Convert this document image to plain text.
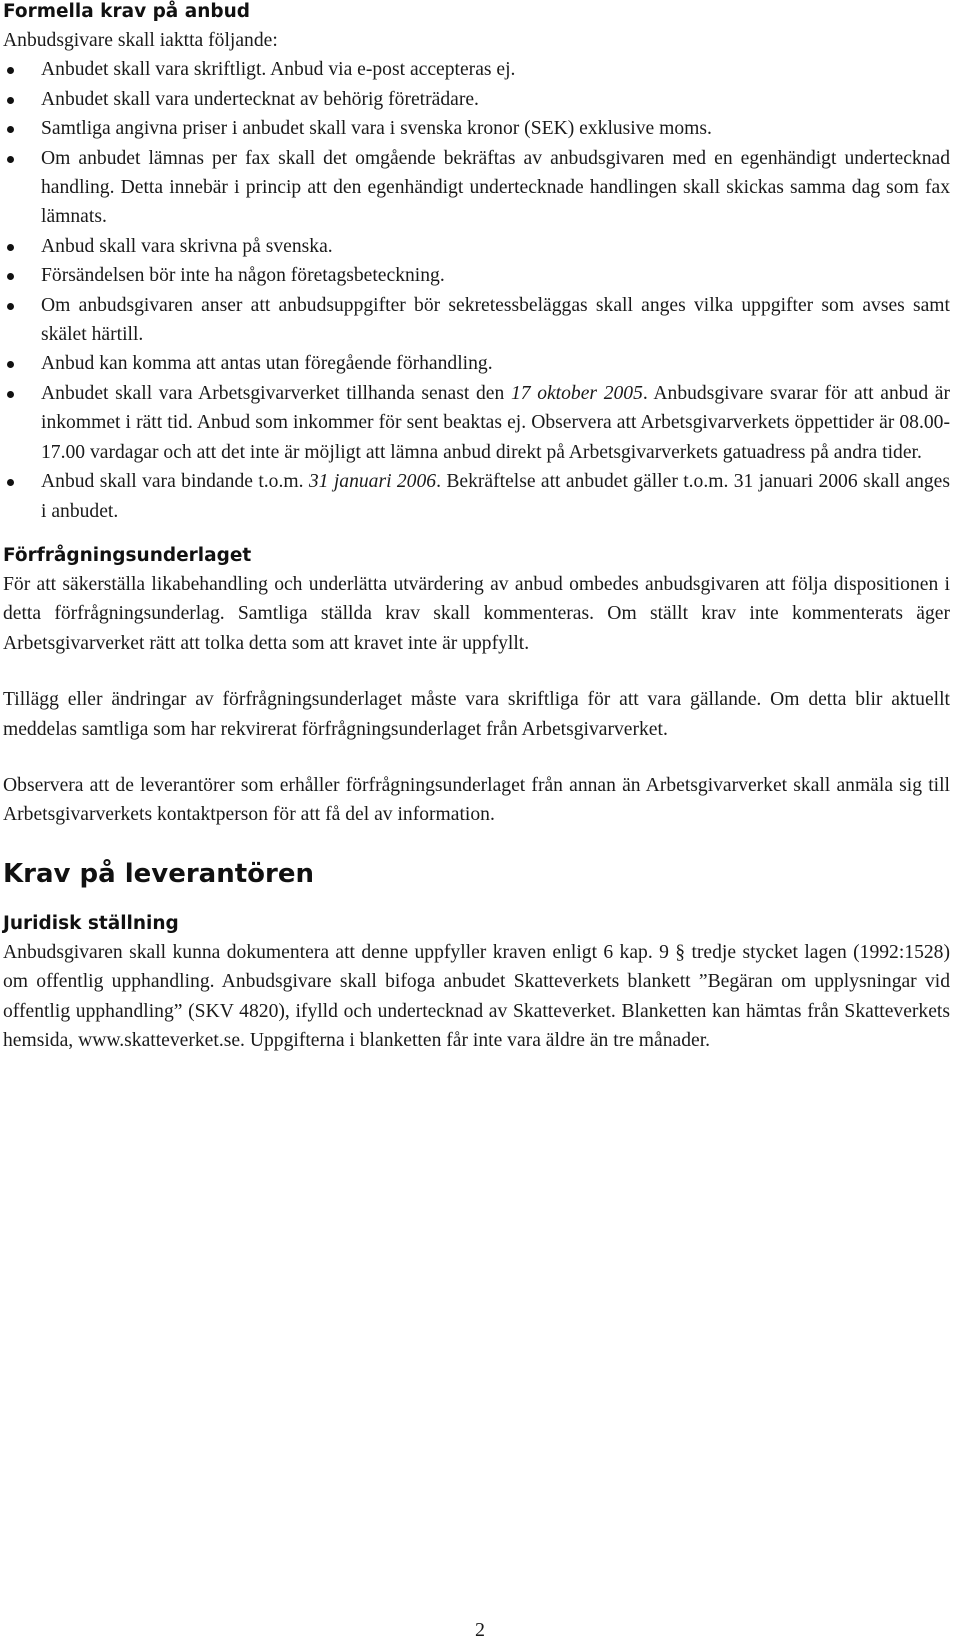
Formella krav på anbud

Anbudsgivare skall iaktta följande:

Anbudet skall vara skriftligt. Anbud via e-post accepteras ej.
Anbudet skall vara undertecknat av behörig företrädare.
Samtliga angivna priser i anbudet skall vara i svenska kronor (SEK) exklusive moms.
Om anbudet lämnas per fax skall det omgående bekräftas av anbudsgivaren med en egenhändigt undertecknad handling. Detta innebär i princip att den egenhändigt undertecknade handlingen skall skickas samma dag som fax lämnats.
Anbud skall vara skrivna på svenska.
Försändelsen bör inte ha någon företagsbeteckning.
Om anbudsgivaren anser att anbudsuppgifter bör sekretessbeläggas skall anges vilka uppgifter som avses samt skälet härtill.
Anbud kan komma att antas utan föregående förhandling.
Anbudet skall vara Arbetsgivarverket tillhanda senast den 17 oktober 2005. Anbudsgivare svarar för att anbud är inkommet i rätt tid. Anbud som inkommer för sent beaktas ej. Observera att Arbetsgivarverkets öppettider är 08.00-17.00 vardagar och att det inte är möjligt att lämna anbud direkt på Arbetsgivarverkets gatuadress på andra tider.
Anbud skall vara bindande t.o.m. 31 januari 2006. Bekräftelse att anbudet gäller t.o.m. 31 januari 2006 skall anges i anbudet.
Förfrågningsunderlaget

För att säkerställa likabehandling och underlätta utvärdering av anbud ombedes anbudsgivaren att följa dispositionen i detta förfrågningsunderlag. Samtliga ställda krav skall kommenteras. Om ställt krav inte kommenterats äger Arbetsgivarverket rätt att tolka detta som att kravet inte är uppfyllt.

Tillägg eller ändringar av förfrågningsunderlaget måste vara skriftliga för att vara gällande. Om detta blir aktuellt meddelas samtliga som har rekvirerat förfrågningsunderlaget från Arbetsgivarverket.

Observera att de leverantörer som erhåller förfrågningsunderlaget från annan än Arbetsgivarverket skall anmäla sig till Arbetsgivarverkets kontaktperson för att få del av information.

Krav på leverantören
Juridisk ställning

Anbudsgivaren skall kunna dokumentera att denne uppfyller kraven enligt 6 kap. 9 § tredje stycket lagen (1992:1528) om offentlig upphandling. Anbudsgivare skall bifoga anbudet Skatteverkets blankett ”Begäran om upplysningar vid offentlig upphandling” (SKV 4820), ifylld och undertecknad av Skatteverket. Blanketten kan hämtas från Skatteverkets hemsida, www.skatteverket.se. Uppgifterna i blanketten får inte vara äldre än tre månader.

2
